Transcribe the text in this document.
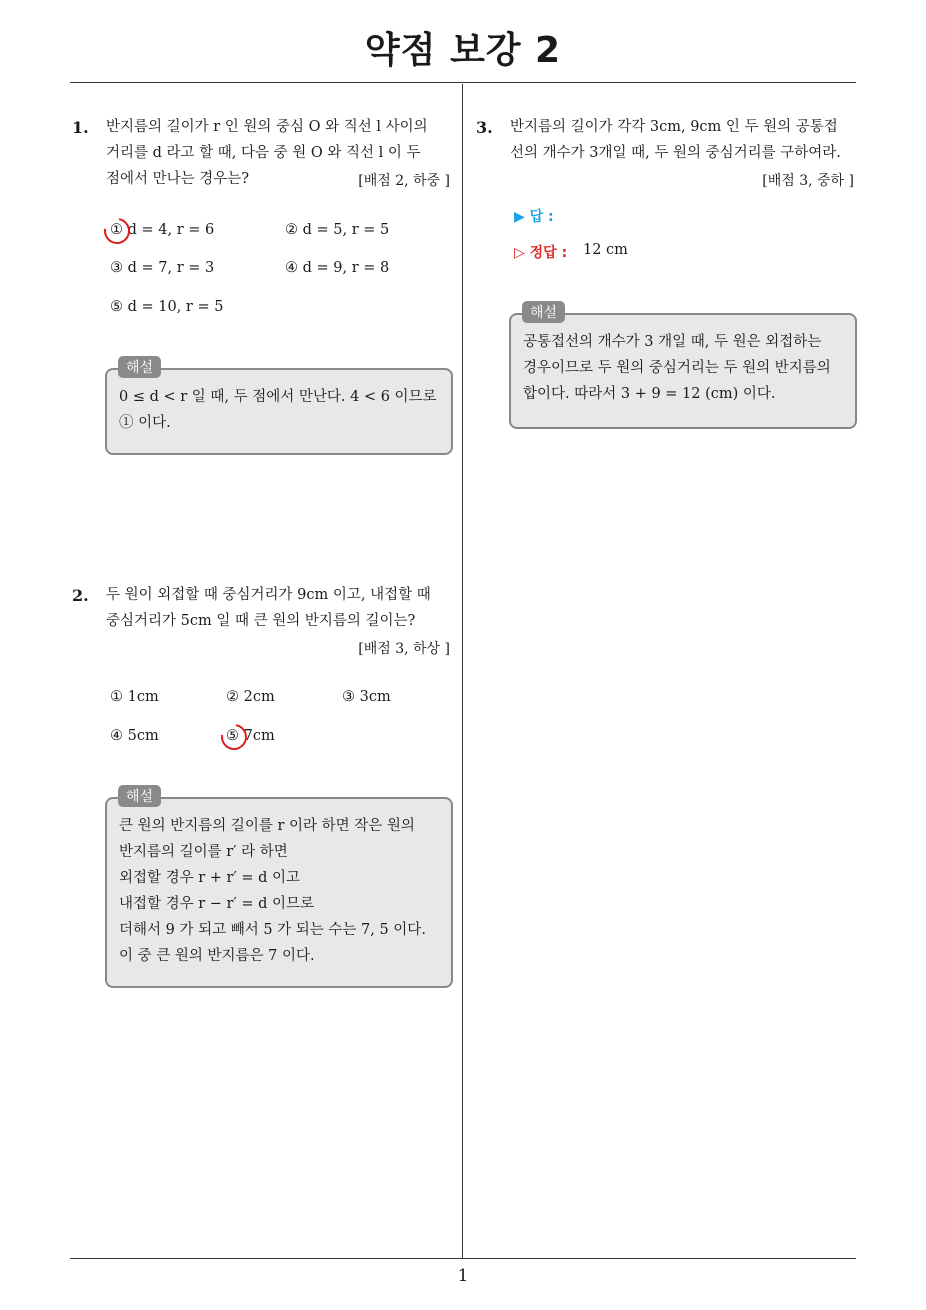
약점 보강 2
1. 반지름의 길이가 r 인 원의 중심 O 와 직선 l 사이의
거리를 d 라고 할 때, 다음 중 원 O 와 직선 l 이 두
점에서 만나는 경우는?	[배점 2, 하중 ]
① d = 4, r = 6	② d = 5, r = 5
③ d = 7, r = 3	④ d = 9, r = 8
⑤ d = 10, r = 5
0 ≤ d < r 일 때, 두 점에서 만난다. 4 < 6 이므로
① 이다.
해설
2. 두 원이 외접할 때 중심거리가 9cm 이고, 내접할 때
중심거리가 5cm 일 때 큰 원의 반지름의 길이는?
[배점 3, 하상 ]
① 1cm	② 2cm	③ 3cm
④ 5cm	⑤ 7cm
큰 원의 반지름의 길이를 r 이라 하면 작은 원의
반지름의 길이를 r′ 라 하면
외접할 경우 r + r′ = d 이고
내접할 경우 r − r′ = d 이므로
더해서 9 가 되고 빼서 5 가 되는 수는 7, 5 이다.
이 중 큰 원의 반지름은 7 이다.
해설
3. 반지름의 길이가 각각 3cm, 9cm 인 두 원의 공통접
선의 개수가 3개일 때, 두 원의 중심거리를 구하여라.
[배점 3, 중하 ]
▶ 답 :
▷ 정답 : 12 cm
공통접선의 개수가 3 개일 때, 두 원은 외접하는
경우이므로 두 원의 중심거리는 두 원의 반지름의
합이다. 따라서 3 + 9 = 12 (cm) 이다.
해설
1
